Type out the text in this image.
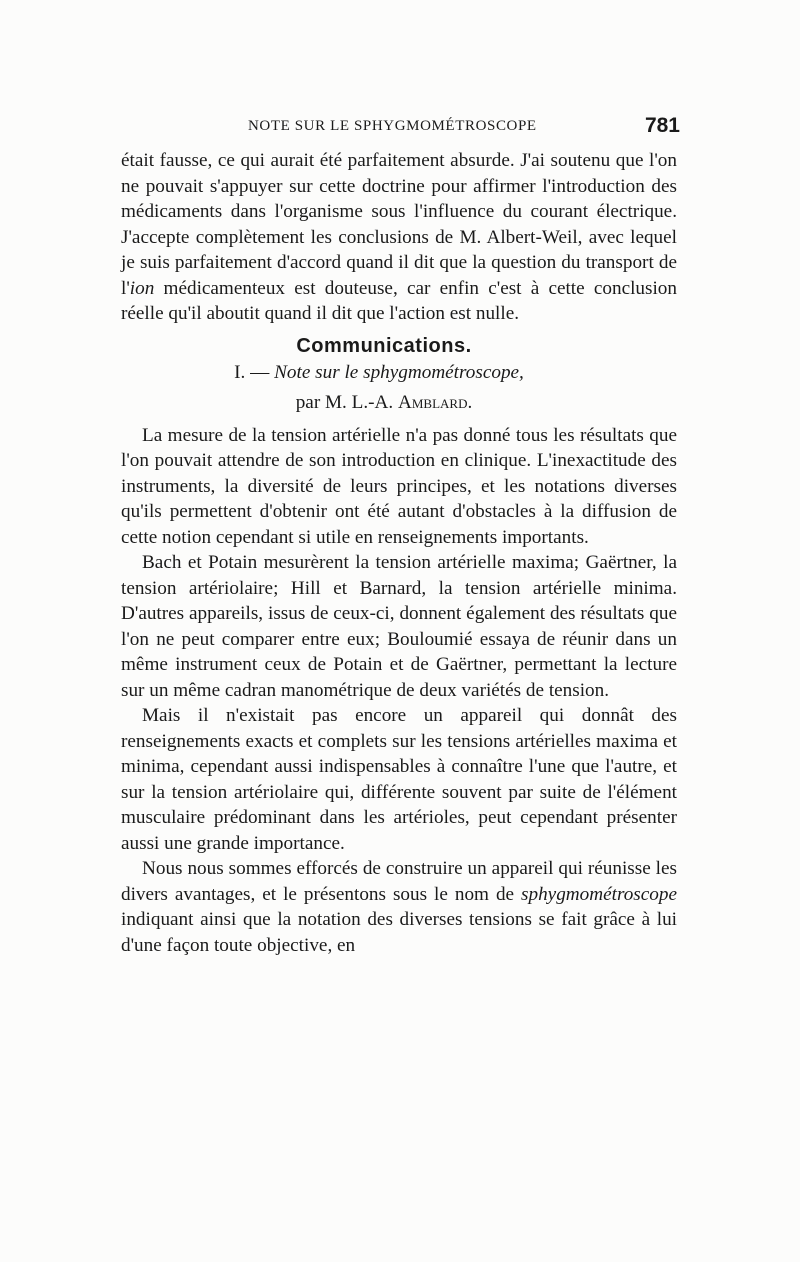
NOTE SUR LE SPHYGMOMÉTROSCOPE	781

était fausse, ce qui aurait été parfaitement absurde. J'ai soutenu que l'on ne pouvait s'appuyer sur cette doctrine pour affirmer l'introduction des médicaments dans l'organisme sous l'influence du courant électrique. J'accepte complètement les conclusions de M. Albert-Weil, avec lequel je suis parfaitement d'accord quand il dit que la question du transport de l'ion médicamenteux est douteuse, car enfin c'est à cette conclusion réelle qu'il aboutit quand il dit que l'action est nulle.

Communications.
I. — Note sur le sphygmométroscope,
par M. L.-A. Amblard.

La mesure de la tension artérielle n'a pas donné tous les résultats que l'on pouvait attendre de son introduction en clinique. L'inexactitude des instruments, la diversité de leurs principes, et les notations diverses qu'ils permettent d'obtenir ont été autant d'obstacles à la diffusion de cette notion cependant si utile en renseignements importants.

Bach et Potain mesurèrent la tension artérielle maxima; Gaërtner, la tension artériolaire; Hill et Barnard, la tension artérielle minima. D'autres appareils, issus de ceux-ci, donnent également des résultats que l'on ne peut comparer entre eux; Bouloumié essaya de réunir dans un même instrument ceux de Potain et de Gaërtner, permettant la lecture sur un même cadran manométrique de deux variétés de tension.

Mais il n'existait pas encore un appareil qui donnât des renseignements exacts et complets sur les tensions artérielles maxima et minima, cependant aussi indispensables à connaître l'une que l'autre, et sur la tension artériolaire qui, différente souvent par suite de l'élément musculaire prédominant dans les artérioles, peut cependant présenter aussi une grande importance.

Nous nous sommes efforcés de construire un appareil qui réunisse les divers avantages, et le présentons sous le nom de sphygmométroscope indiquant ainsi que la notation des diverses tensions se fait grâce à lui d'une façon toute objective, en
